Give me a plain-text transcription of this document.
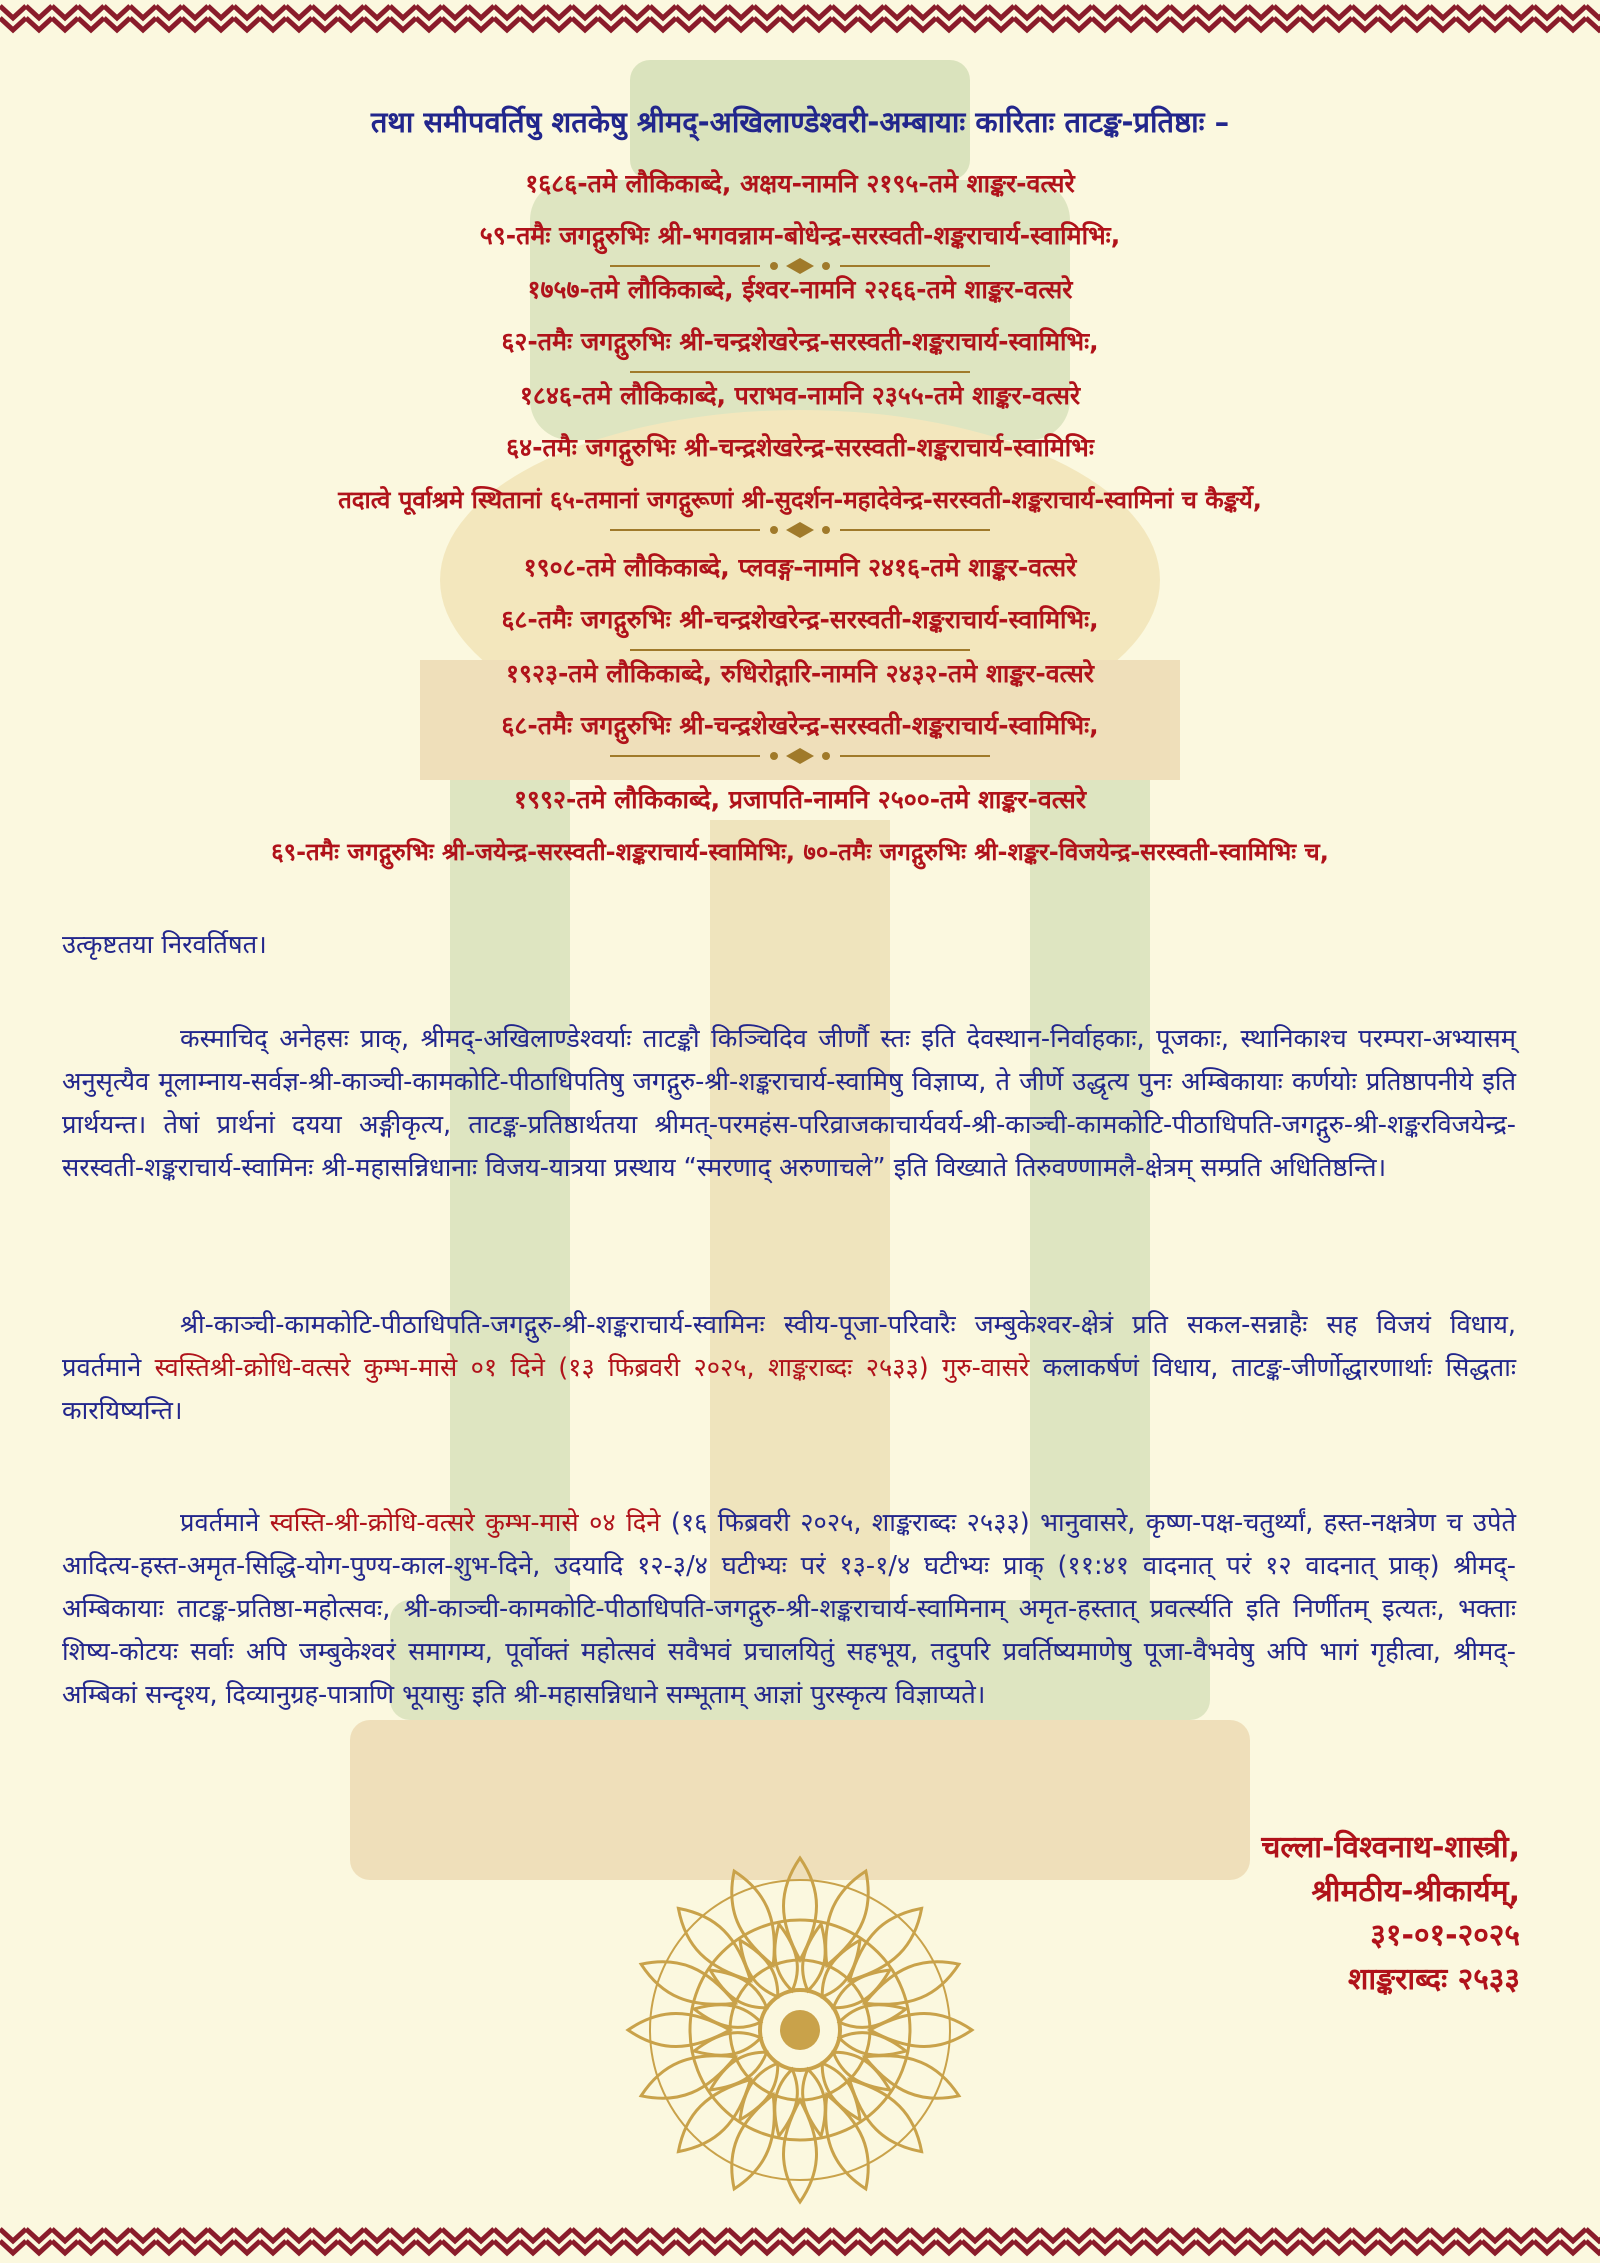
तथा समीपवर्तिषु शतकेषु श्रीमद्-अखिलाण्डेश्वरी-अम्बायाः कारिताः ताटङ्क-प्रतिष्ठाः –
१६८६-तमे लौकिकाब्दे, अक्षय-नामनि २१९५-तमे शाङ्कर-वत्सरे
५९-तमैः जगद्गुरुभिः श्री-भगवन्नाम-बोधेन्द्र-सरस्वती-शङ्कराचार्य-स्वामिभिः,
१७५७-तमे लौकिकाब्दे, ईश्वर-नामनि २२६६-तमे शाङ्कर-वत्सरे
६२-तमैः जगद्गुरुभिः श्री-चन्द्रशेखरेन्द्र-सरस्वती-शङ्कराचार्य-स्वामिभिः,
१८४६-तमे लौकिकाब्दे, पराभव-नामनि २३५५-तमे शाङ्कर-वत्सरे
६४-तमैः जगद्गुरुभिः श्री-चन्द्रशेखरेन्द्र-सरस्वती-शङ्कराचार्य-स्वामिभिः
तदात्वे पूर्वाश्रमे स्थितानां ६५-तमानां जगद्गुरूणां श्री-सुदर्शन-महादेवेन्द्र-सरस्वती-शङ्कराचार्य-स्वामिनां च कैङ्कर्ये,
१९०८-तमे लौकिकाब्दे, प्लवङ्ग-नामनि २४१६-तमे शाङ्कर-वत्सरे
६८-तमैः जगद्गुरुभिः श्री-चन्द्रशेखरेन्द्र-सरस्वती-शङ्कराचार्य-स्वामिभिः,
१९२३-तमे लौकिकाब्दे, रुधिरोद्गारि-नामनि २४३२-तमे शाङ्कर-वत्सरे
६८-तमैः जगद्गुरुभिः श्री-चन्द्रशेखरेन्द्र-सरस्वती-शङ्कराचार्य-स्वामिभिः,
१९९२-तमे लौकिकाब्दे, प्रजापति-नामनि २५००-तमे शाङ्कर-वत्सरे
६९-तमैः जगद्गुरुभिः श्री-जयेन्द्र-सरस्वती-शङ्कराचार्य-स्वामिभिः, ७०-तमैः जगद्गुरुभिः श्री-शङ्कर-विजयेन्द्र-सरस्वती-स्वामिभिः च,
उत्कृष्टतया निरवर्तिषत।
कस्माचिद् अनेहसः प्राक्, श्रीमद्-अखिलाण्डेश्वर्याः ताटङ्कौ किञ्चिदिव जीर्णौ स्तः इति देवस्थान-निर्वाहकाः, पूजकाः, स्थानिकाश्च परम्परा-अभ्यासम् अनुसृत्यैव मूलाम्नाय-सर्वज्ञ-श्री-काञ्ची-कामकोटि-पीठाधिपतिषु जगद्गुरु-श्री-शङ्कराचार्य-स्वामिषु विज्ञाप्य, ते जीर्णे उद्धृत्य पुनः अम्बिकायाः कर्णयोः प्रतिष्ठापनीये इति प्रार्थयन्त। तेषां प्रार्थनां दयया अङ्गीकृत्य, ताटङ्क-प्रतिष्ठार्थतया श्रीमत्-परमहंस-परिव्राजकाचार्यवर्य-श्री-काञ्ची-कामकोटि-पीठाधिपति-जगद्गुरु-श्री-शङ्करविजयेन्द्र-सरस्वती-शङ्कराचार्य-स्वामिनः श्री-महासन्निधानाः विजय-यात्रया प्रस्थाय “स्मरणाद् अरुणाचले” इति विख्याते तिरुवण्णामलै-क्षेत्रम् सम्प्रति अधितिष्ठन्ति।
श्री-काञ्ची-कामकोटि-पीठाधिपति-जगद्गुरु-श्री-शङ्कराचार्य-स्वामिनः स्वीय-पूजा-परिवारैः जम्बुकेश्वर-क्षेत्रं प्रति सकल-सन्नाहैः सह विजयं विधाय, प्रवर्तमाने स्वस्तिश्री-क्रोधि-वत्सरे कुम्भ-मासे ०१ दिने (१३ फिब्रवरी २०२५, शाङ्कराब्दः २५३३) गुरु-वासरे कलाकर्षणं विधाय, ताटङ्क-जीर्णोद्धारणार्थाः सिद्धताः कारयिष्यन्ति।
प्रवर्तमाने स्वस्ति-श्री-क्रोधि-वत्सरे कुम्भ-मासे ०४ दिने (१६ फिब्रवरी २०२५, शाङ्कराब्दः २५३३) भानुवासरे, कृष्ण-पक्ष-चतुर्थ्यां, हस्त-नक्षत्रेण च उपेते आदित्य-हस्त-अमृत-सिद्धि-योग-पुण्य-काल-शुभ-दिने, उदयादि १२-३/४ घटीभ्यः परं १३-१/४ घटीभ्यः प्राक् (११:४१ वादनात् परं १२ वादनात् प्राक्) श्रीमद्-अम्बिकायाः ताटङ्क-प्रतिष्ठा-महोत्सवः, श्री-काञ्ची-कामकोटि-पीठाधिपति-जगद्गुरु-श्री-शङ्कराचार्य-स्वामिनाम् अमृत-हस्तात् प्रवर्त्स्यति इति निर्णीतम् इत्यतः, भक्ताः शिष्य-कोटयः सर्वाः अपि जम्बुकेश्वरं समागम्य, पूर्वोक्तं महोत्सवं सवैभवं प्रचालयितुं सहभूय, तदुपरि प्रवर्तिष्यमाणेषु पूजा-वैभवेषु अपि भागं गृहीत्वा, श्रीमद्-अम्बिकां सन्दृश्य, दिव्यानुग्रह-पात्राणि भूयासुः इति श्री-महासन्निधाने सम्भूताम् आज्ञां पुरस्कृत्य विज्ञाप्यते।
चल्ला-विश्वनाथ-शास्त्री,
श्रीमठीय-श्रीकार्यम्,
३१-०१-२०२५
शाङ्कराब्दः २५३३
